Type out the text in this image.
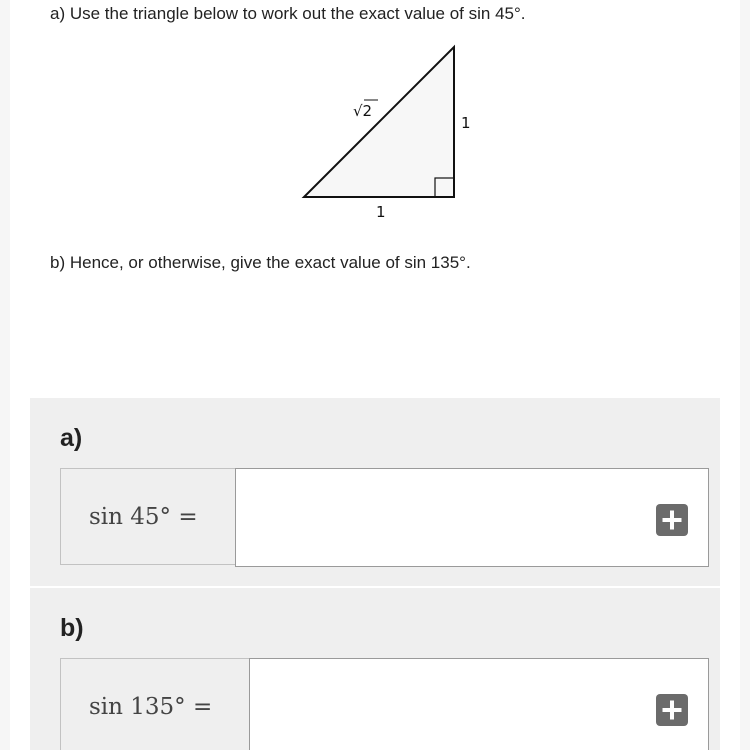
a) Use the triangle below to work out the exact value of sin 45°.
√2
1
1
b) Hence, or otherwise, give the exact value of sin 135°.
a)
sin 45° =
b)
sin 135° =
